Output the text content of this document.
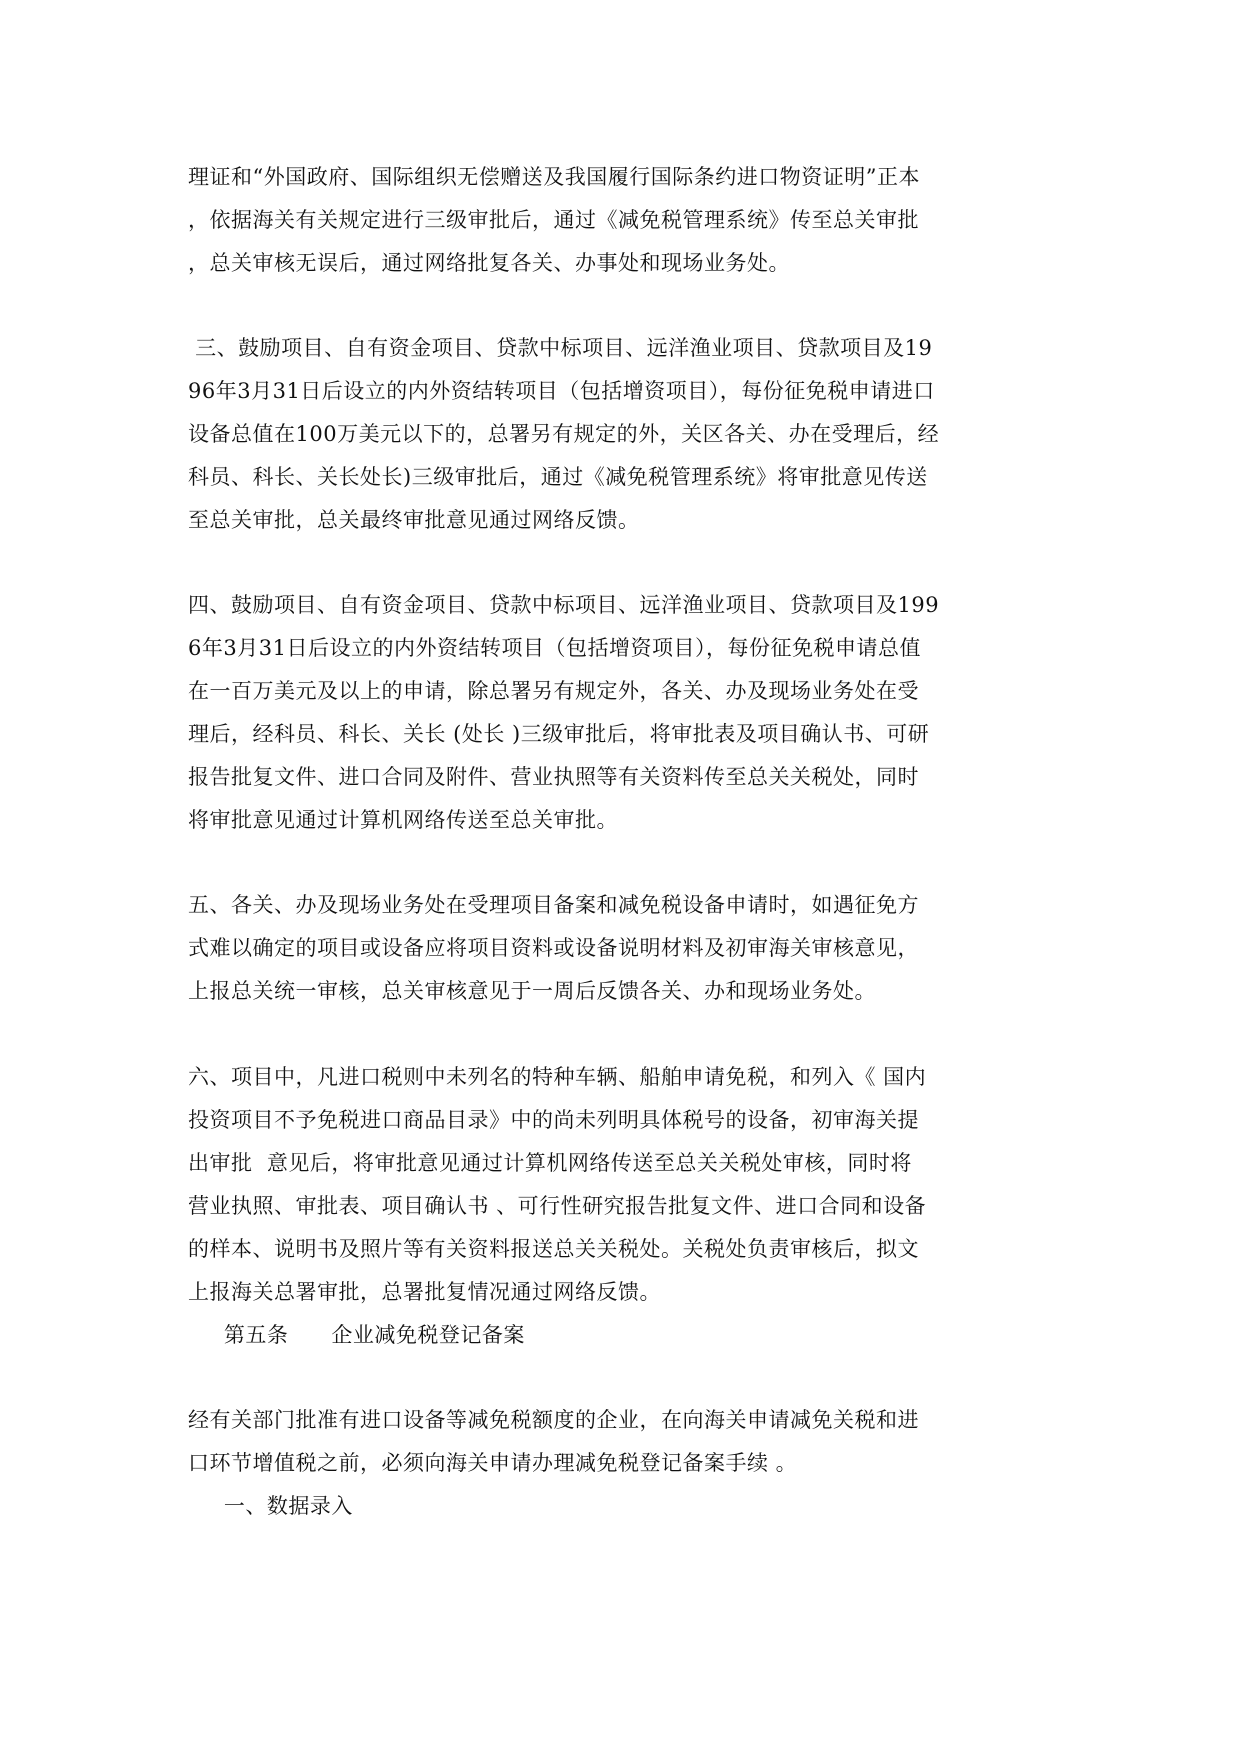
理证和“外国政府、国际组织无偿赠送及我国履行国际条约进口物资证明”正本
，依据海关有关规定进行三级审批后，通过《减免税管理系统》传至总关审批
，总关审核无误后，通过网络批复各关、办事处和现场业务处。
三、鼓励项目、自有资金项目、贷款中标项目、远洋渔业项目、贷款项目及19
96年3月31日后设立的内外资结转项目（包括增资项目），每份征免税申请进口
设备总值在100万美元以下的，总署另有规定的外，关区各关、办在受理后，经
科员、科长、关长处长)三级审批后，通过《减免税管理系统》将审批意见传送
至总关审批，总关最终审批意见通过网络反馈。
四、鼓励项目、自有资金项目、贷款中标项目、远洋渔业项目、贷款项目及199
6年3月31日后设立的内外资结转项目（包括增资项目），每份征免税申请总值
在一百万美元及以上的申请，除总署另有规定外，各关、办及现场业务处在受
理后，经科员、科长、关长 (处长 )三级审批后，将审批表及项目确认书、可研
报告批复文件、进口合同及附件、营业执照等有关资料传至总关关税处，同时
将审批意见通过计算机网络传送至总关审批。
五、各关、办及现场业务处在受理项目备案和减免税设备申请时，如遇征免方
式难以确定的项目或设备应将项目资料或设备说明材料及初审海关审核意见，
上报总关统一审核，总关审核意见于一周后反馈各关、办和现场业务处。
六、项目中，凡进口税则中未列名的特种车辆、船舶申请免税，和列入《 国内
投资项目不予免税进口商品目录》中的尚未列明具体税号的设备，初审海关提
出审批  意见后，将审批意见通过计算机网络传送至总关关税处审核，同时将
营业执照、审批表、项目确认书 、可行性研究报告批复文件、进口合同和设备
的样本、说明书及照片等有关资料报送总关关税处。关税处负责审核后，拟文
上报海关总署审批，总署批复情况通过网络反馈。
第五条      企业减免税登记备案
经有关部门批准有进口设备等减免税额度的企业，在向海关申请减免关税和进
口环节增值税之前，必须向海关申请办理减免税登记备案手续 。
一、数据录入
